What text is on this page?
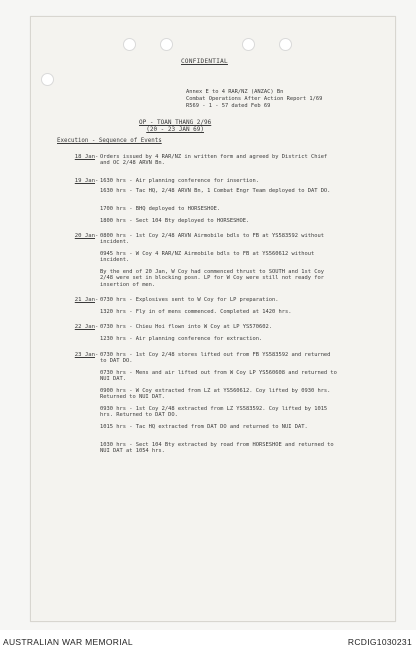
CONFIDENTIAL
Annex E to 4 RAR/NZ (ANZAC) Bn
Combat Operations After Action Report 1/69
R569 - 1 - 57 dated Feb 69
OP - TOAN THANG 2/96
(20 - 23 JAN 69)
Execution - Sequence of Events
18 Jan - Orders issued by 4 RAR/NZ in written form and agreed by District Chief and OC 2/48 ARVN Bn.
19 Jan - 1630 hrs - Air planning conference for insertion.
1630 hrs - Tac HQ, 2/48 ARVN Bn, 1 Combat Engr Team deployed to DAT DO.
1700 hrs - BHQ deployed to HORSESHOE.
1800 hrs - Sect 104 Bty deployed to HORSESHOE.
20 Jan - 0800 hrs - 1st Coy 2/48 ARVN Airmobile bdls to FB at YS583592 without incident.
0945 hrs - W Coy 4 RAR/NZ Airmobile bdls to FB at YS560612 without incident.
By the end of 20 Jan, W Coy had commenced thrust to SOUTH and 1st Coy 2/48 were set in blocking posn. LP for W Coy were still not ready for insertion of men.
21 Jan - 0730 hrs - Explosives sent to W Coy for LP preparation.
1320 hrs - Fly in of mens commenced. Completed at 1420 hrs.
22 Jan - 0730 hrs - Chieu Hoi flown into W Coy at LP YS570602.
1230 hrs - Air planning conference for extraction.
23 Jan - 0730 hrs - 1st Coy 2/48 stores lifted out from FB YS583592 and returned to DAT DO.
0730 hrs - Mens and air lifted out from W Coy LP YS560608 and returned to NUI DAT.
0900 hrs - W Coy extracted from LZ at YS560612. Coy lifted by 0930 hrs. Returned to NUI DAT.
0930 hrs - 1st Coy 2/48 extracted from LZ YS583592. Coy lifted by 1015 hrs. Returned to DAT DO.
1015 hrs - Tac HQ extracted from DAT DO and returned to NUI DAT.
1030 hrs - Sect 104 Bty extracted by road from HORSESHOE and returned to NUI DAT at 1054 hrs.
AUSTRALIAN WAR MEMORIAL	RCDIG1030231
